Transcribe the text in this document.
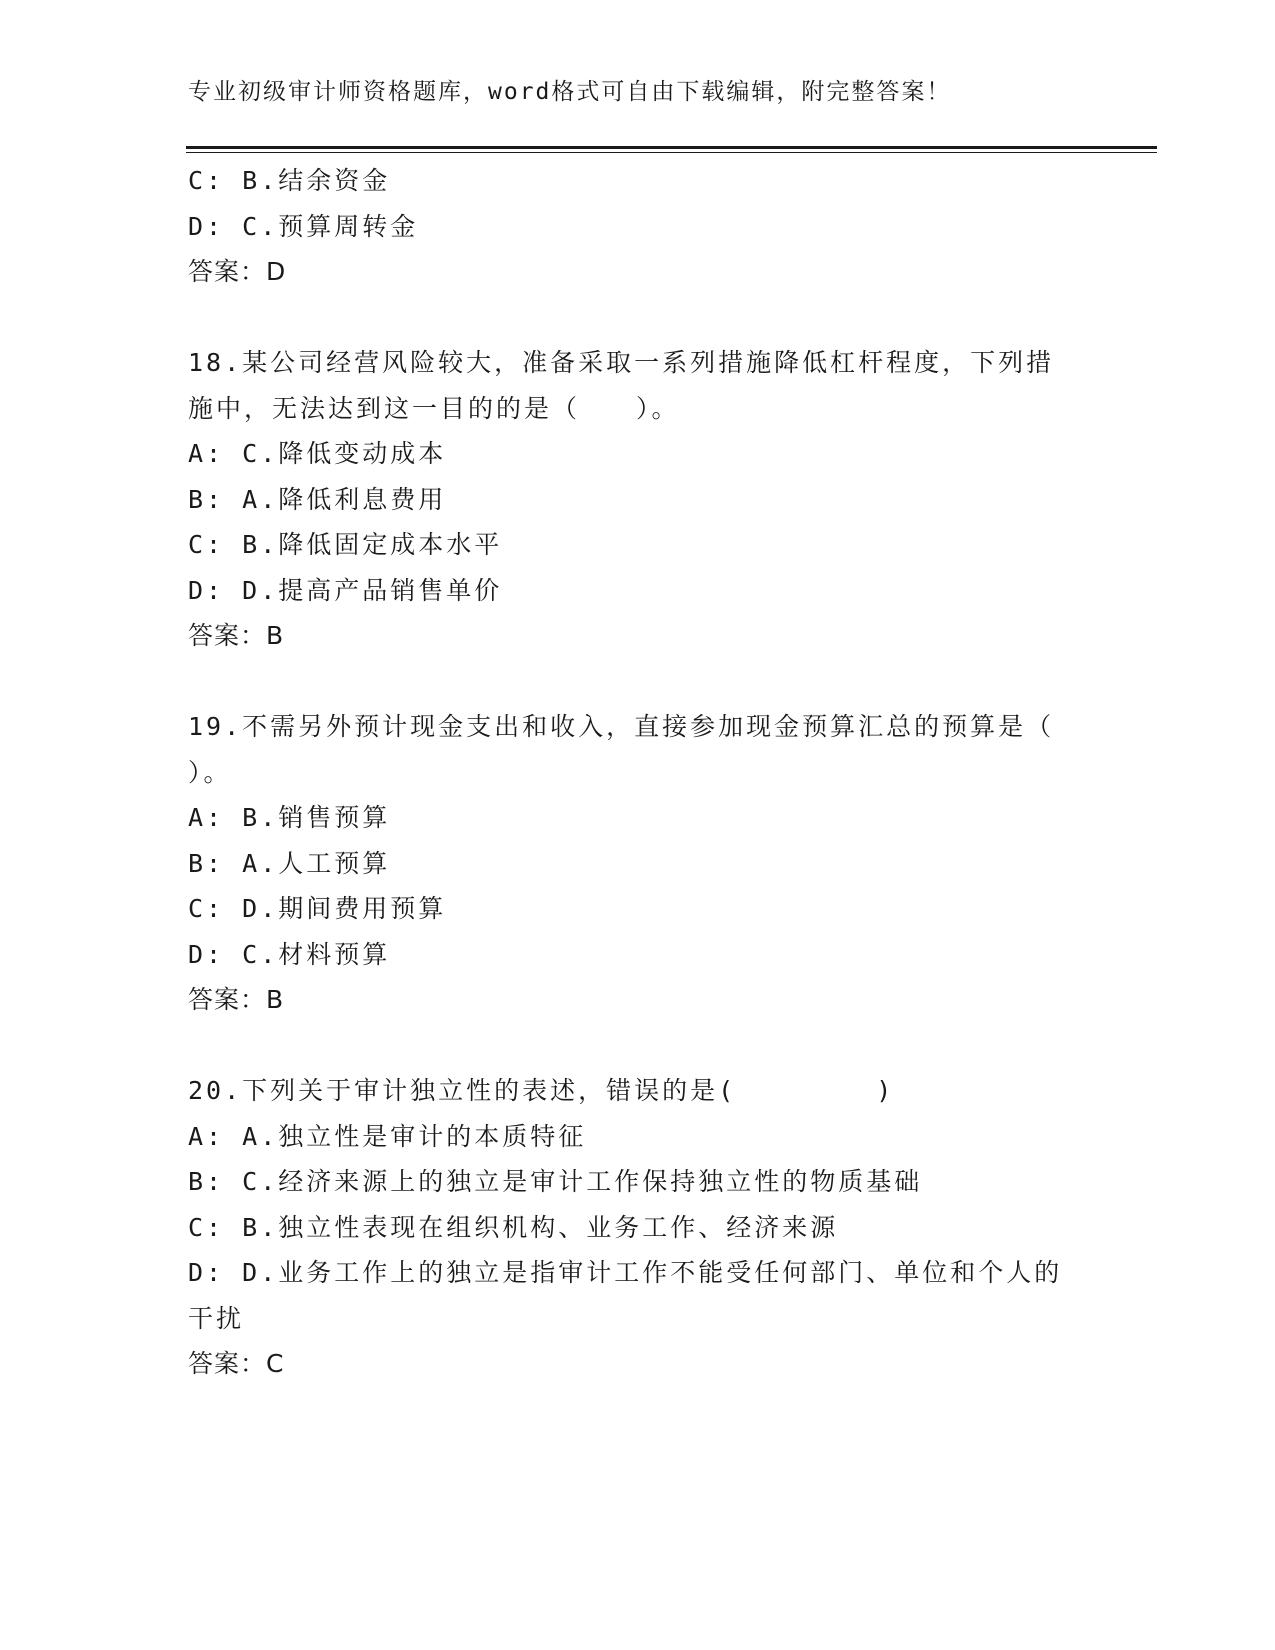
专业初级审计师资格题库，word格式可自由下载编辑，附完整答案！
C: B.结余资金
D: C.预算周转金
答案：D
18.某公司经营风险较大，准备采取一系列措施降低杠杆程度，下列措
施中，无法达到这一目的的是（　　）。
A: C.降低变动成本
B: A.降低利息费用
C: B.降低固定成本水平
D: D.提高产品销售单价
答案：B
19.不需另外预计现金支出和收入，直接参加现金预算汇总的预算是（
）。
A: B.销售预算
B: A.人工预算
C: D.期间费用预算
D: C.材料预算
答案：B
20.下列关于审计独立性的表述，错误的是(　　　　　)
A: A.独立性是审计的本质特征
B: C.经济来源上的独立是审计工作保持独立性的物质基础
C: B.独立性表现在组织机构、业务工作、经济来源
D: D.业务工作上的独立是指审计工作不能受任何部门、单位和个人的
干扰
答案：C
